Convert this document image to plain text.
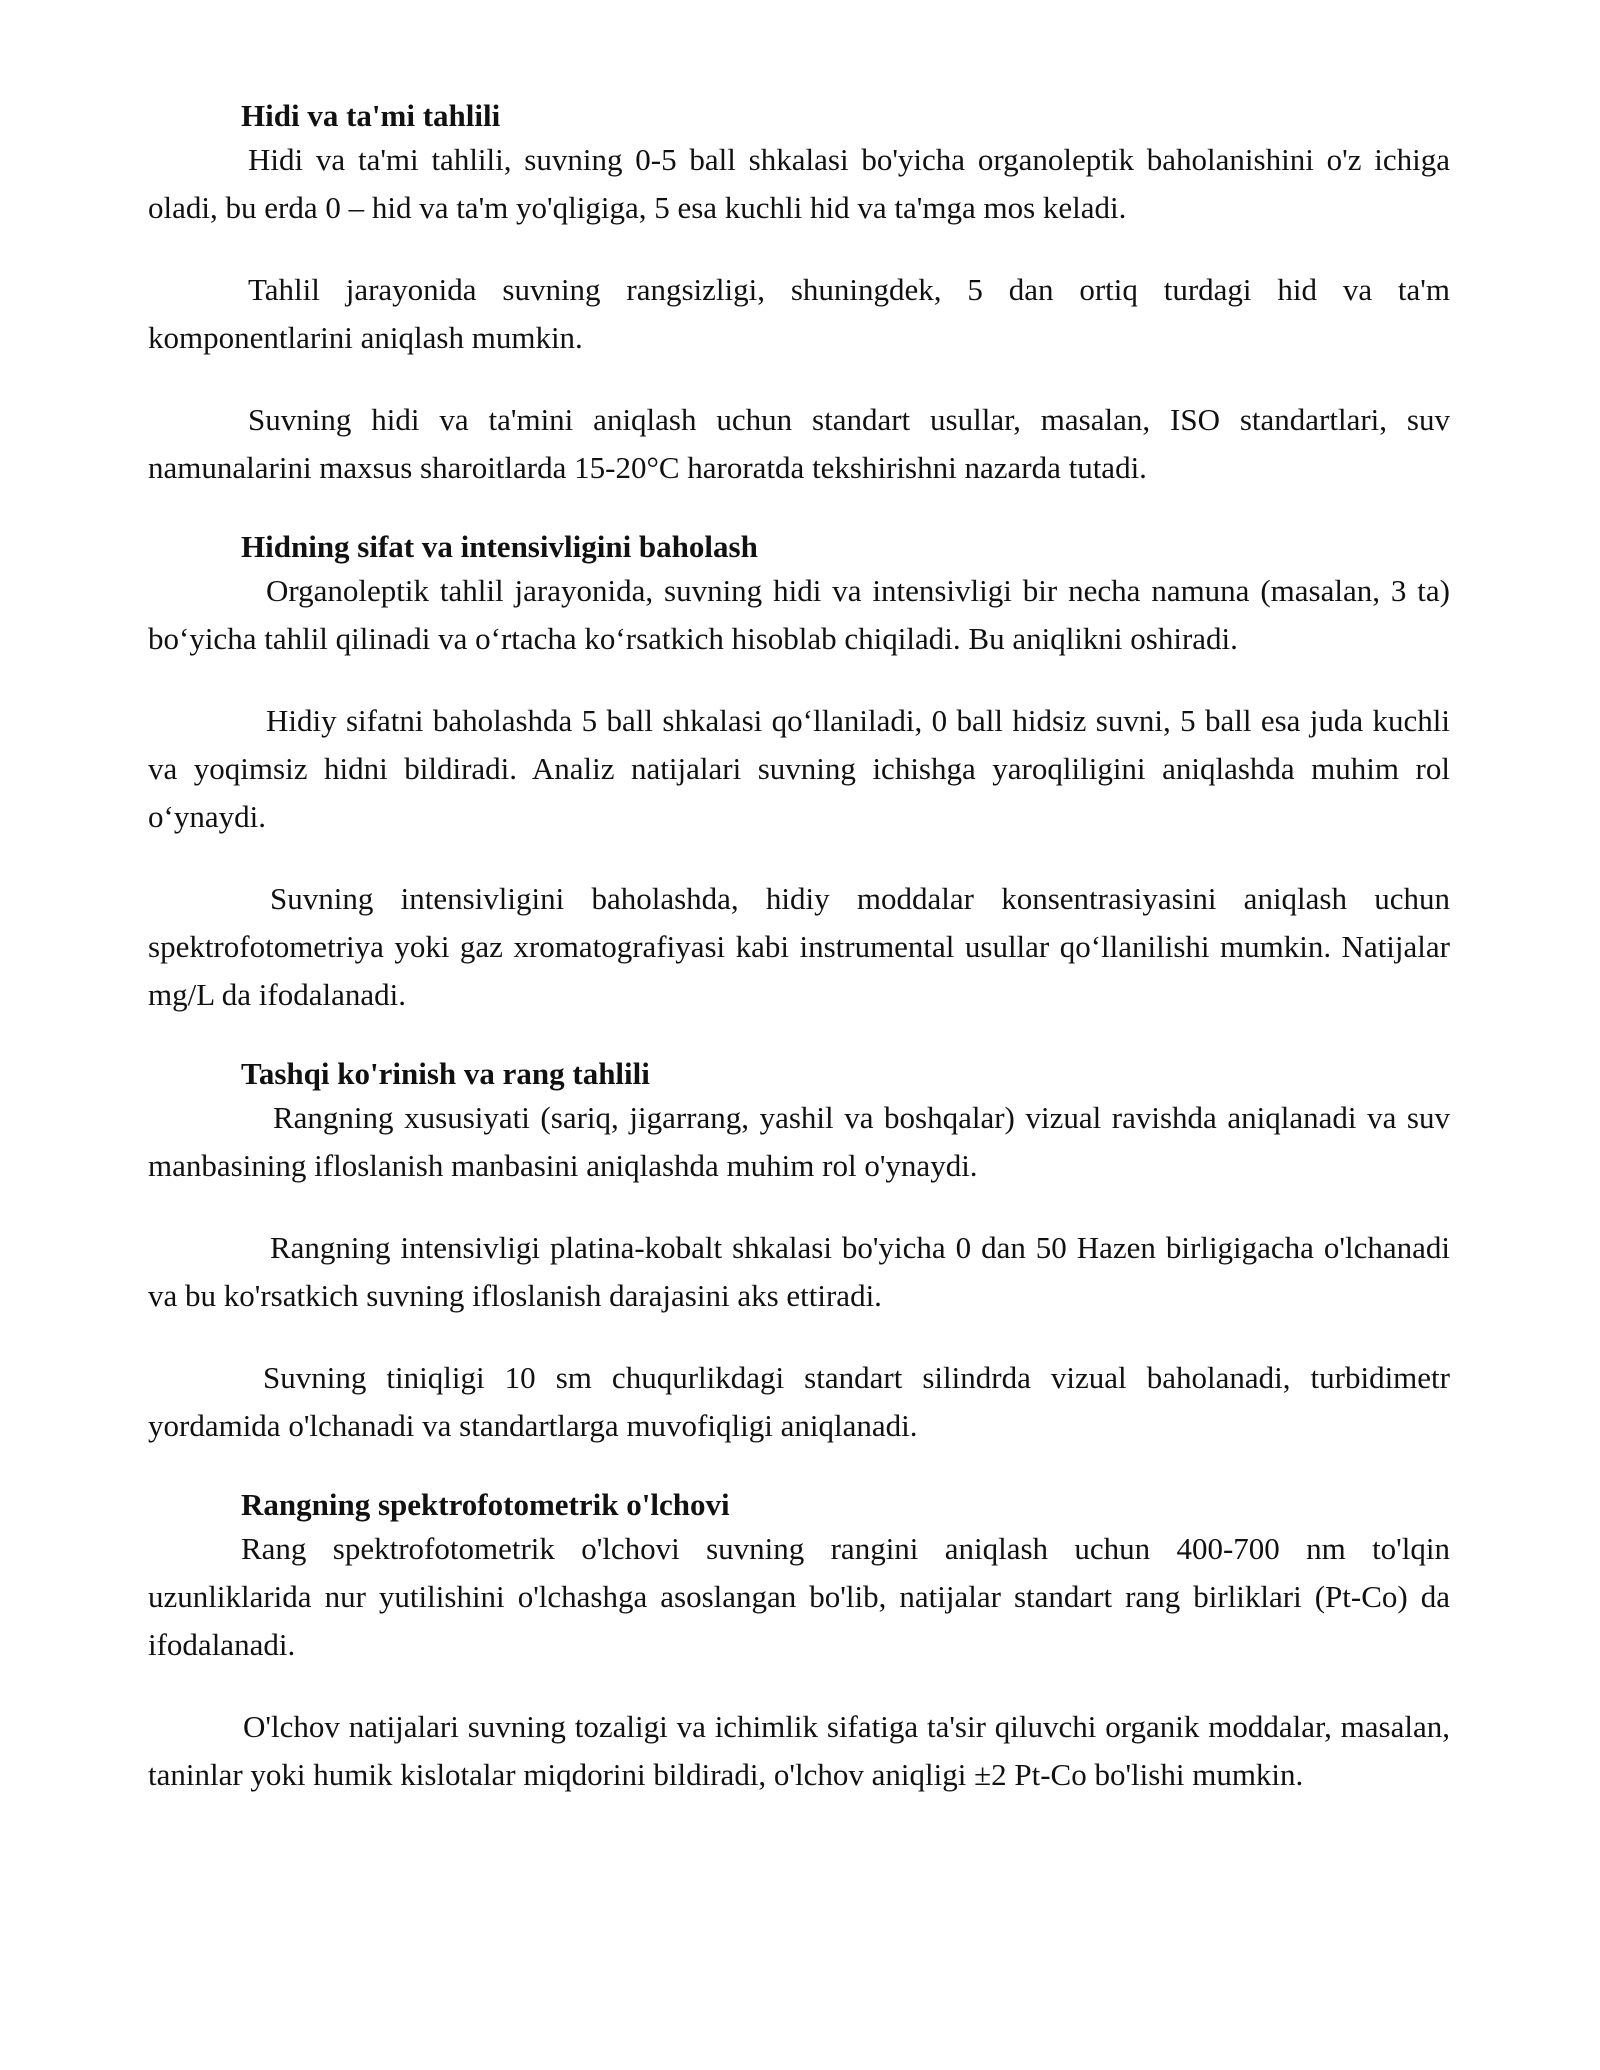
Hidi va ta'mi tahlili

Hidi va ta'mi tahlili, suvning 0-5 ball shkalasi bo'yicha organoleptik baholanishini o'z ichiga oladi, bu erda 0 – hid va ta'm yo'qligiga, 5 esa kuchli hid va ta'mga mos keladi.

Tahlil jarayonida suvning rangsizligi, shuningdek, 5 dan ortiq turdagi hid va ta'm komponentlarini aniqlash mumkin.

Suvning hidi va ta'mini aniqlash uchun standart usullar, masalan, ISO standartlari, suv namunalarini maxsus sharoitlarda 15-20°C haroratda tekshirishni nazarda tutadi.

Hidning sifat va intensivligini baholash

Organoleptik tahlil jarayonida, suvning hidi va intensivligi bir necha namuna (masalan, 3 ta) bo‘yicha tahlil qilinadi va o‘rtacha ko‘rsatkich hisoblab chiqiladi. Bu aniqlikni oshiradi.

Hidiy sifatni baholashda 5 ball shkalasi qo‘llaniladi, 0 ball hidsiz suvni, 5 ball esa juda kuchli va yoqimsiz hidni bildiradi. Analiz natijalari suvning ichishga yaroqliligini aniqlashda muhim rol o‘ynaydi.

Suvning intensivligini baholashda, hidiy moddalar konsentrasiyasini aniqlash uchun spektrofotometriya yoki gaz xromatografiyasi kabi instrumental usullar qo‘llanilishi mumkin. Natijalar mg/L da ifodalanadi.

Tashqi ko'rinish va rang tahlili

Rangning xususiyati (sariq, jigarrang, yashil va boshqalar) vizual ravishda aniqlanadi va suv manbasining ifloslanish manbasini aniqlashda muhim rol o'ynaydi.

Rangning intensivligi platina-kobalt shkalasi bo'yicha 0 dan 50 Hazen birligigacha o'lchanadi va bu ko'rsatkich suvning ifloslanish darajasini aks ettiradi.

Suvning tiniqligi 10 sm chuqurlikdagi standart silindrda vizual baholanadi, turbidimetr yordamida o'lchanadi va standartlarga muvofiqligi aniqlanadi.

Rangning spektrofotometrik o'lchovi

Rang spektrofotometrik o'lchovi suvning rangini aniqlash uchun 400-700 nm to'lqin uzunliklarida nur yutilishini o'lchashga asoslangan bo'lib, natijalar standart rang birliklari (Pt-Co) da ifodalanadi.

O'lchov natijalari suvning tozaligi va ichimlik sifatiga ta'sir qiluvchi organik moddalar, masalan, taninlar yoki humik kislotalar miqdorini bildiradi, o'lchov aniqligi ±2 Pt-Co bo'lishi mumkin.
